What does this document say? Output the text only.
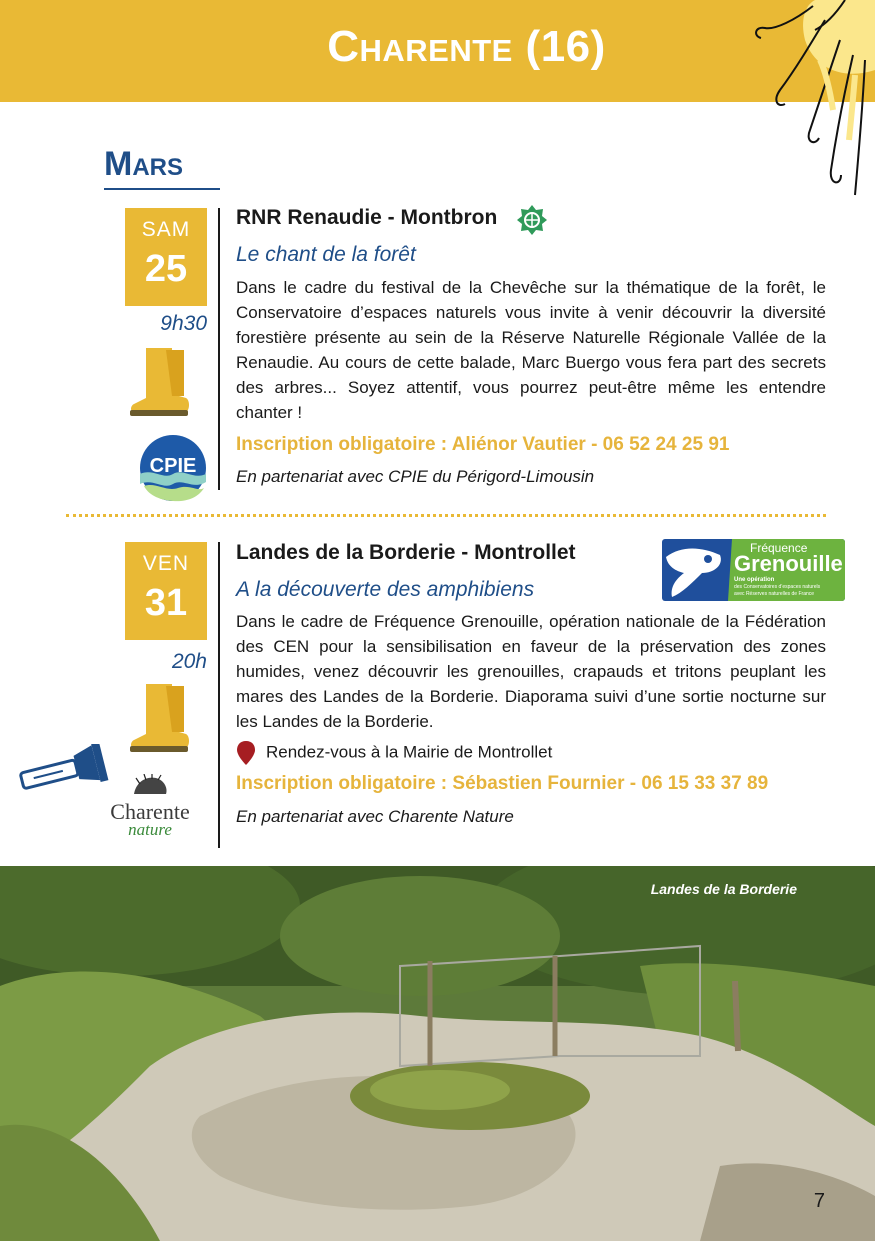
Charente (16)
Mars
SAM
25
9h30
CPIE
RNR Renaudie - Montbron
Le chant de la forêt
Dans le cadre du festival de la Chevêche sur la thématique de la forêt, le Conservatoire d’espaces naturels vous invite à venir découvrir la diversité forestière présente au sein de la Réserve Naturelle Régionale Vallée de la Renaudie. Au cours de cette balade, Marc Buergo vous fera part des secrets des arbres... Soyez attentif, vous pourrez peut-être même les entendre chanter !
Inscription obligatoire : Aliénor Vautier - 06 52 24 25 91
En partenariat avec CPIE du Périgord-Limousin
VEN
31
20h
Charente
nature
Landes de la Borderie - Montrollet	Fréquence
Grenouille
Une opération
des Conservatoires d’espaces naturels
avec Réserves naturelles de France
A la découverte des amphibiens
Dans le cadre de Fréquence Grenouille, opération nationale de la Fédération des CEN pour la sensibilisation en faveur de la préservation des zones humides, venez découvrir les grenouilles, crapauds et tritons peuplant les mares des Landes de la Borderie. Diaporama suivi d’une sortie nocturne sur les Landes de la Borderie.
Rendez-vous à la Mairie de Montrollet
Inscription obligatoire : Sébastien Fournier - 06 15 33 37 89
En partenariat avec Charente Nature
Landes de la Borderie
7
